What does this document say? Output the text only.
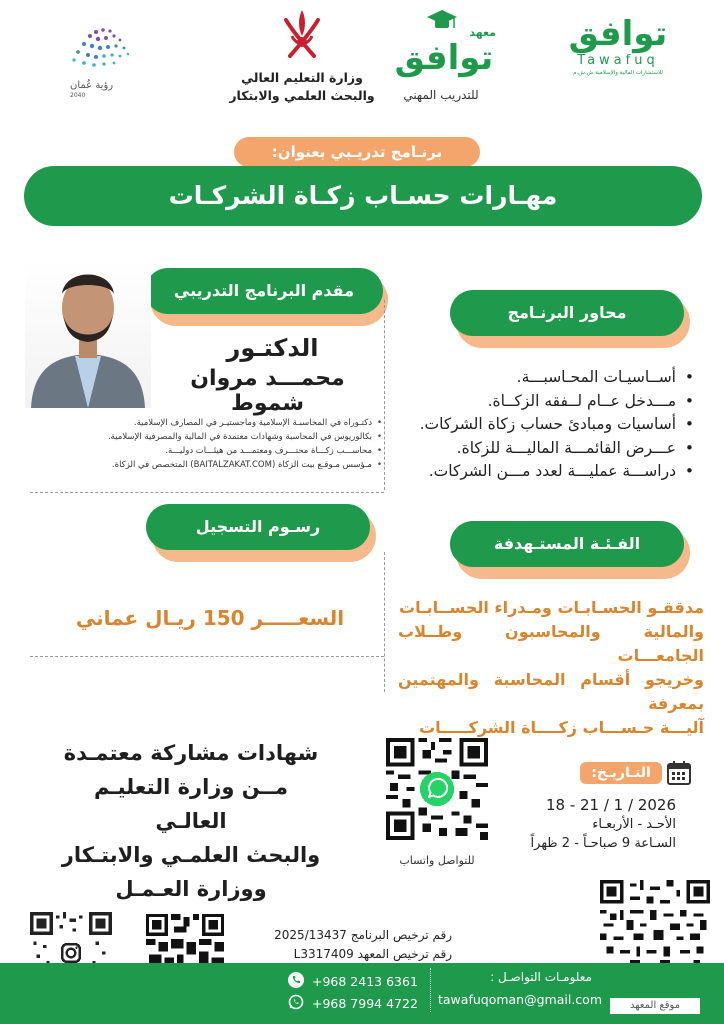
توافق
Tawafuq
للاستشارات المالية والإسلامية ش.ش.م
معهد
توافق
للتدريب المهني
وزارة التعليم العالي
والبحث العلمي والابتكار
رؤية عُمان
2040
برنـامج تدريـبي بعنوان:
مهـارات حسـاب زكـاة الشركـات
مقدم البرنامج التدريبي
محاور البرنـامج
رسـوم التسجيل
الفـئـة المستـهدفة
الدكتـور
محمـــد مروان شموط
• دكتـوراه في المحاسبـة الإسلامية وماجستيـر في المصارف الإسلامية.
• بكالوريوس في المحاسبة وشهادات معتمدة في المالية والمصرفية الإسلامية.
• محاســـب زكـــاة محتـــرف ومعتمـــد من هيئـــات دوليـــة.
• مـؤسس مـوقـع بيت الزكاة (BAITALZAKAT.COM) المتخصص في الزكاة.
• أســاسيـات المحـاسبـــة.
• مـــدخل عــام لــفقه الزكــاة.
• أساسيات ومبادئ حساب زكاة الشركات.
• عـــرض القائمـــة الماليـــة للزكاة.
• دراســـة عمليـــة لعدد مـــن الشركات.
السعـــــر 150 ريـال عماني	مدققـو الحسـابـات ومـدراء الحســابـات
والمالية والمحاسبون وطــلاب الجامعـــات
وخريجو أقسام المحاسبة والمهتمين بمعرفة
آليـــة حـســـاب زكــــاة الشركـــــات
شهادات مشاركة معتمـدة
مــن وزارة التعليـم العالـي
والبحث العلمـي والابتـكار
ووزارة العـمـل
للتواصل واتساب
التـاريـخ:
18 - 21 / 1 / 2026
الأحـد - الأربعـاء
السـاعة 9 صباحـاً - 2 ظهراً
رقم ترخيص البرنامج 2025/13437
رقم ترخيص المعهد L3317409
معلومـات التواصـل :
tawafuqoman@gmail.com
+968 2413 6361
+968 7994 4722	موقع المعهد
